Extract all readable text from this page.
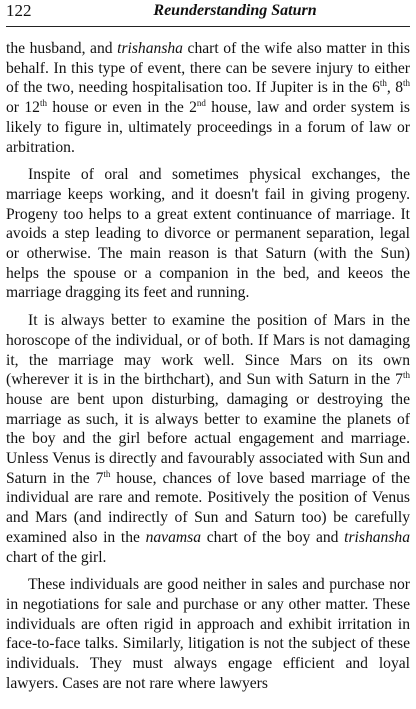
122	Reunderstanding Saturn

the husband, and trishansha chart of the wife also matter in this behalf. In this type of event, there can be severe injury to either of the two, needing hospitalisation too. If Jupiter is in the 6th, 8th or 12th house or even in the 2nd house, law and order system is likely to figure in, ultimately proceedings in a forum of law or arbitration.

Inspite of oral and sometimes physical exchanges, the marriage keeps working, and it doesn't fail in giving progeny. Progeny too helps to a great extent continuance of marriage. It avoids a step leading to divorce or permanent separation, legal or otherwise. The main reason is that Saturn (with the Sun) helps the spouse or a companion in the bed, and keeos the marriage dragging its feet and running.

It is always better to examine the position of Mars in the horoscope of the individual, or of both. If Mars is not damaging it, the marriage may work well. Since Mars on its own (wherever it is in the birthchart), and Sun with Saturn in the 7th house are bent upon disturbing, damaging or destroying the marriage as such, it is always better to examine the planets of the boy and the girl before actual engagement and marriage. Unless Venus is directly and favourably associated with Sun and Saturn in the 7th house, chances of love based marriage of the individual are rare and remote. Positively the position of Venus and Mars (and indirectly of Sun and Saturn too) be carefully examined also in the navamsa chart of the boy and trishansha chart of the girl.

These individuals are good neither in sales and purchase nor in negotiations for sale and purchase or any other matter. These individuals are often rigid in approach and exhibit irritation in face-to-face talks. Similarly, litigation is not the subject of these individuals. They must always engage efficient and loyal lawyers. Cases are not rare where lawyers
